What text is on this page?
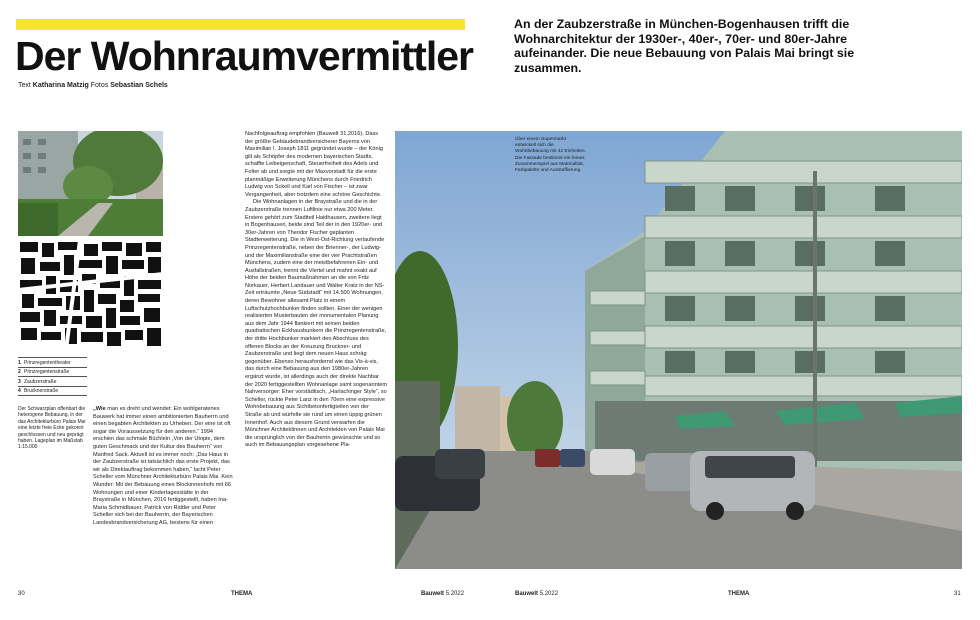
Der Wohnraumvermittler
Text Katharina Matzig Fotos Sebastian Schels
An der Zaubzerstraße in München-Bogenhausen trifft die Wohnarchitektur der 1930er-, 40er-, 70er- und 80er-Jahre aufeinander. Die neue Bebauung von Palais Mai bringt sie zusammen.
1 Prinzregententheater
2 Prinzregentenstraße
3 Zaubzerstraße
4 Brucknerstraße
Der Schwarzplan offenbart die heterogene Bebauung, in der das Architekturbüro Palais Mai eine letzte freie Ecke gekonnt geschlossen und neu geprägt haben. Lageplan im Maßstab 1:15.000

„Wie man es dreht und wendet: Ein wohlgeratenes Bauwerk hat immer einen ambitionierten Bauherrn und einen begabten Architekten zu Urheben. Der eine ist oft sogar die Voraussetzung für den anderen.“ 1994 erschien das schmale Büchlein „Von der Utopie, dem guten Geschmack und der Kultur des Bauherrn“ von Manfred Sack. Aktuell ist es immer noch: „Das Haus in der Zaubzerstraße ist tatsächlich das erste Projekt, das wir als Direktauftrag bekommen haben,“ lacht Peter Scheller vom Münchner Architekturbüro Palais Mai. Kein Wunder: Mit der Bebauung eines Blockinnenhofs mit 66 Wohnungen und einer Kindertagesstätte in der Braystraße in München, 2016 fertiggestellt, haben Ina-Maria Schmidbauer, Patrick von Ridder und Peter Scheller sich bei der Bauherrin, der Bayerischen Landesbrandversicherung AG, bestens für einen

Nachfolgeauftrag empfohlen (Bauwelt 31.2016). Dass der größte Gebäudebrandversicherer Bayerns von Maximilian I. Joseph 1811 gegründet wurde – der König gilt als Schöpfer des modernen bayerischen Stadts, schaffte Leibeigenschaft, Steuerfreiheit des Adels und Folter ab und sorgte mit der Maxvorstadt für die erste planmäßige Erweiterung Münchens durch Friedrich Ludwig von Sckell und Karl von Fischer – ist zwar Vergangenheit, aber trotzdem eine schöne Geschichte.

Die Wohnanlagen in der Braystraße und die in der Zaubzerstraße trennen Luftlinie nur etwa 200 Meter. Erstere gehört zum Stadtteil Haidhausen, zweitere liegt in Bogenhausen, beide sind Teil der in den 1920er- und 30er-Jahren von Theodor Fischer geplanten Stadterweiterung. Die in West-Ost-Richtung verlaufende Prinzregentenstraße, neben der Brienner-, der Ludwig- und der Maximilianstraße eine der vier Prachtstraßen Münchens, zudem eine der meistbefahrenen Ein- und Ausfallstraßen, trennt die Viertel und mahnt exakt auf Höhe der beiden Baumaßnahmen an die von Fritz Norkauer, Herbert Landauer und Walter Kratz in der NS-Zeit erträumte „Neue Südstadt“ mit 14.500 Wohnungen, deren Bewohner allesamt Platz in einem Luftschutzhochbunker finden sollten. Einer der wenigen realisierten Musterbauten der monumentalen Planung aus dem Jahr 1944 flankiert mit seinen beiden quadratischen Eckhausbunkern die Prinzregentenstraße, der dritte Hochbunker markiert den Abschluss des offenen Blocks an der Kreuzung Bruckner- und Zaubzerstraße und liegt dem neuen Haus schräg gegenüber. Ebenso herausfordernd wie das Vis-à-vis, das durch eine Bebauung aus den 1980er-Jahren ergänzt wurde, ist allerdings auch der direkte Nachbar der 2020 fertiggestellten Wohnanlage samt sogenanntem Nahversorger: Eher vorstädtisch, „Harlachinger Style“, so Scheller, rückte Peter Lanz in den 70ern eine expressive Wohnbebauung aus Sichtbetonfertigteilen von der Straße ab und würfelte sie rund um einen üppig grünen Innenhof. Auch aus diesem Grund verwarfen die Münchner Architektinnen und Architekten von Palais Mai die ursprünglich von der Bauherrin gewünschte und so auch im Bebauungsplan vorgesehene Pla-

Über einem Supermarkt entwickelt sich die Wohnbebauung mit 42 Einheiten. Die Fassade bestimmt ein feines Zusammenspiel aus Materialität, Farbpalette und Ausstaffierung.
30	THEMA	Bauwelt 5.2022	Bauwelt 5.2022	THEMA	31
